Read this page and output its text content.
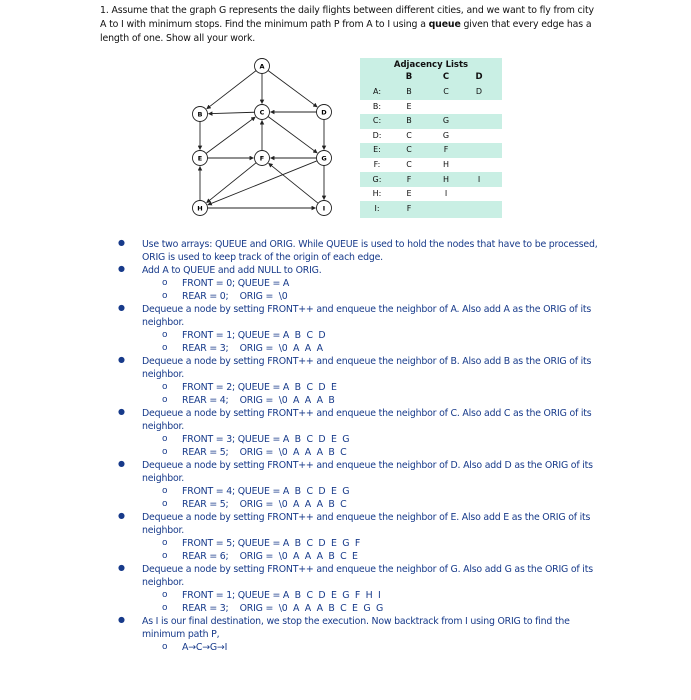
1. Assume that the graph G represents the daily flights between different cities, and we want to fly from city A to I with minimum stops. Find the minimum path P from A to I using a queue given that every edge has a length of one. Show all your work.
A
B	C	D
E	F	G
H	I
Adjacency Lists
B	C	D
A:	B	C	D
B:	E
C:	B	G
D:	C	G
E:	C	F
F:	C	H
G:	F	H	I
H:	E	I
I:	F
●	Use two arrays: QUEUE and ORIG. While QUEUE is used to hold the nodes that have to be processed, ORIG is used to keep track of the origin of each edge.
●	Add A to QUEUE and add NULL to ORIG.
o FRONT = 0; QUEUE = A
o REAR = 0;    ORIG =  \0
●	Dequeue a node by setting FRONT++ and enqueue the neighbor of A. Also add A as the ORIG of its neighbor.
o FRONT = 1; QUEUE = A  B  C  D
o REAR = 3;    ORIG =  \0  A  A  A
●	Dequeue a node by setting FRONT++ and enqueue the neighbor of B. Also add B as the ORIG of its neighbor.
o FRONT = 2; QUEUE = A  B  C  D  E
o REAR = 4;    ORIG =  \0  A  A  A  B
●	Dequeue a node by setting FRONT++ and enqueue the neighbor of C. Also add C as the ORIG of its neighbor.
o FRONT = 3; QUEUE = A  B  C  D  E  G
o REAR = 5;    ORIG =  \0  A  A  A  B  C
●	Dequeue a node by setting FRONT++ and enqueue the neighbor of D. Also add D as the ORIG of its neighbor.
o FRONT = 4; QUEUE = A  B  C  D  E  G
o REAR = 5;    ORIG =  \0  A  A  A  B  C
●	Dequeue a node by setting FRONT++ and enqueue the neighbor of E. Also add E as the ORIG of its neighbor.
o FRONT = 5; QUEUE = A  B  C  D  E  G  F
o REAR = 6;    ORIG =  \0  A  A  A  B  C  E
●	Dequeue a node by setting FRONT++ and enqueue the neighbor of G. Also add G as the ORIG of its neighbor.
o FRONT = 1; QUEUE = A  B  C  D  E  G  F  H  I
o REAR = 3;    ORIG =  \0  A  A  A  B  C  E  G  G
●	As I is our final destination, we stop the execution. Now backtrack from I using ORIG to find the minimum path P,
o A→C→G→I
